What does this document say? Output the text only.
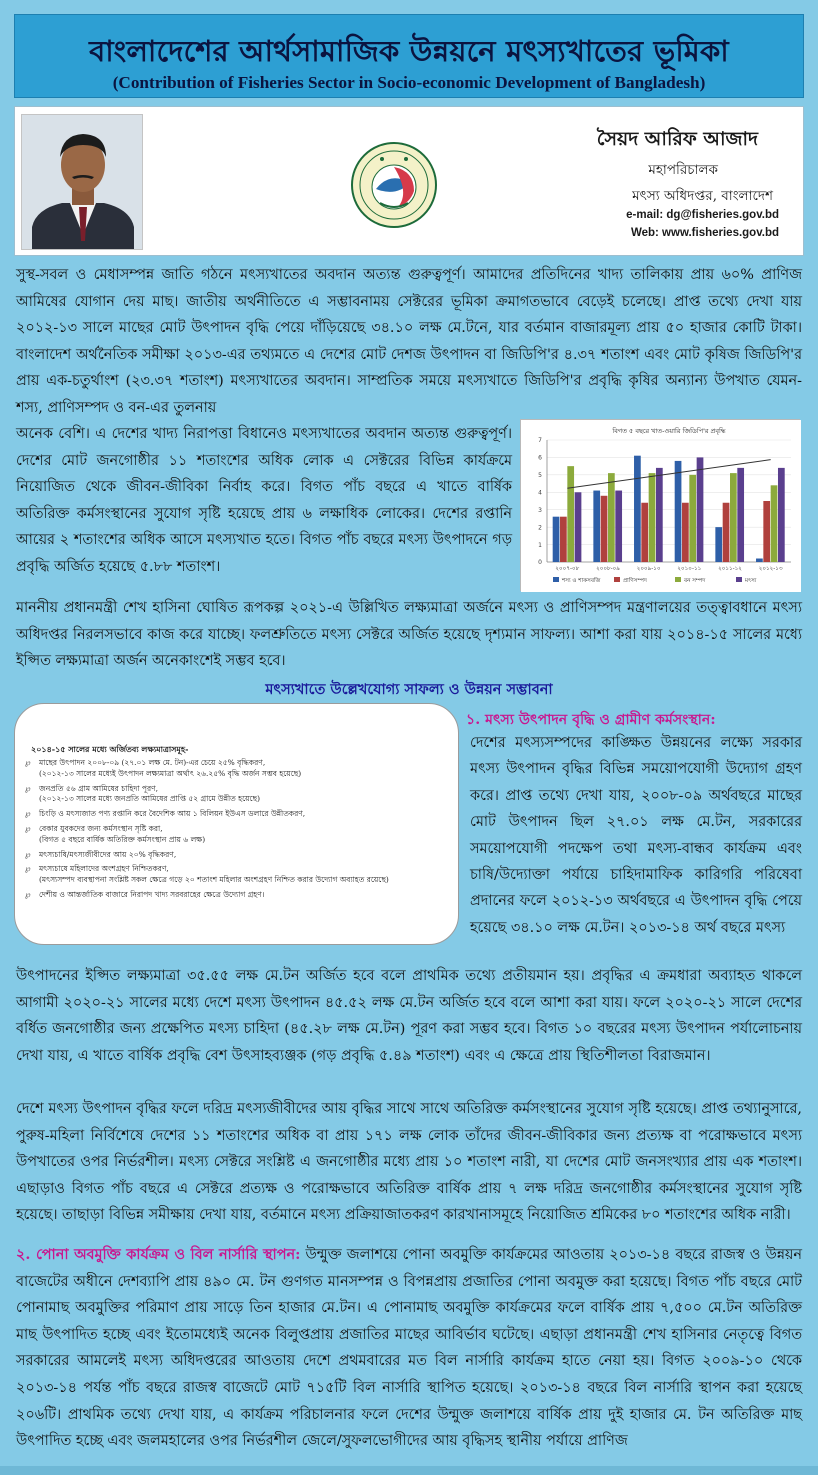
বাংলাদেশের আর্থসামাজিক উন্নয়নে মৎস্যখাতের ভূমিকা
(Contribution of Fisheries Sector in Socio-economic Development of Bangladesh)
সৈয়দ আরিফ আজাদ
মহাপরিচালক
মৎস্য অধিদপ্তর, বাংলাদেশ
e-mail: dg@fisheries.gov.bd
Web: www.fisheries.gov.bd
সুস্থ-সবল ও মেধাসম্পন্ন জাতি গঠনে মৎস্যখাতের অবদান অত্যন্ত গুরুত্বপূর্ণ। আমাদের প্রতিদিনের খাদ্য তালিকায় প্রায় ৬০% প্রাণিজ আমিষের যোগান দেয় মাছ। জাতীয় অর্থনীতিতে এ সম্ভাবনাময় সেক্টরের ভূমিকা ক্রমাগতভাবে বেড়েই চলেছে। প্রাপ্ত তথ্যে দেখা যায় ২০১২-১৩ সালে মাছের মোট উৎপাদন বৃদ্ধি পেয়ে দাঁড়িয়েছে ৩৪.১০ লক্ষ মে.টনে, যার বর্তমান বাজারমূল্য প্রায় ৫০ হাজার কোটি টাকা। বাংলাদেশ অর্থনৈতিক সমীক্ষা ২০১৩-এর তথ্যমতে এ দেশের মোট দেশজ উৎপাদন বা জিডিপি'র ৪.৩৭ শতাংশ এবং মোট কৃষিজ জিডিপি'র প্রায় এক-চতুর্থাংশ (২৩.৩৭ শতাংশ) মৎস্যখাতের অবদান। সাম্প্রতিক সময়ে মৎস্যখাতে জিডিপি'র প্রবৃদ্ধি কৃষির অন্যান্য উপখাত যেমন- শস্য, প্রাণিসম্পদ ও বন-এর তুলনায়
অনেক বেশি। এ দেশের খাদ্য নিরাপত্তা বিধানেও মৎস্যখাতের অবদান অত্যন্ত গুরুত্বপূর্ণ। দেশের মোট জনগোষ্ঠীর ১১ শতাংশের অধিক লোক এ সেক্টরের বিভিন্ন কার্যক্রমে নিয়োজিত থেকে জীবন-জীবিকা নির্বাহ করে। বিগত পাঁচ বছরে এ খাতে বার্ষিক অতিরিক্ত কর্মসংস্থানের সুযোগ সৃষ্টি হয়েছে প্রায় ৬ লক্ষাধিক লোকের। দেশের রপ্তানি আয়ের ২ শতাংশের অধিক আসে মৎস্যখাত হতে। বিগত পাঁচ বছরে মৎস্য উৎপাদনে গড় প্রবৃদ্ধি অর্জিত হয়েছে ৫.৮৮ শতাংশ।
বিগত ৫ বছরে খাত-ওয়ারি জিডিপি'র প্রবৃদ্ধি
0
1
2
3
4
5
6
7
২০০৭-০৮	২০০৮-০৯	২০০৯-১০	২০১০-১১	২০১১-১২	২০১২-১৩
শস্য ও শাকসবজি	প্রাণিসম্পদ	বন সম্পদ	মৎস্য
মাননীয় প্রধানমন্ত্রী শেখ হাসিনা ঘোষিত রূপকল্প ২০২১-এ উল্লিখিত লক্ষ্যমাত্রা অর্জনে মৎস্য ও প্রাণিসম্পদ মন্ত্রণালয়ের তত্ত্বাবধানে মৎস্য অধিদপ্তর নিরলসভাবে কাজ করে যাচ্ছে। ফলশ্রুতিতে মৎস্য সেক্টরে অর্জিত হয়েছে দৃশ্যমান সাফল্য। আশা করা যায় ২০১৪-১৫ সালের মধ্যে ইপ্সিত লক্ষ্যমাত্রা অর্জন অনেকাংশেই সম্ভব হবে।
মৎস্যখাতে উল্লেখযোগ্য সাফল্য ও উন্নয়ন সম্ভাবনা
২০১৪-১৫ সালের মধ্যে অর্জিতব্য লক্ষ্যমাত্রাসমূহ-
℘	মাছের উৎপাদন ২০০৮-০৯ (২৭.০১ লক্ষ মে. টন)-এর চেয়ে ২৫% বৃদ্ধিকরণ,
(২০১২-১৩ সালের মধ্যেই উৎপাদন লক্ষ্যমাত্রা অর্থাৎ ২৬.২৫% বৃদ্ধি অর্জন সম্ভব হয়েছে)
℘	জনপ্রতি ৫৬ গ্রাম আমিষের চাহিদা পূরণ,
(২০১২-১৩ সালের মধ্যে জনপ্রতি আমিষের প্রাপ্তি ৫২ গ্রামে উন্নীত হয়েছে)
℘	চিংড়ি ও মৎস্যজাত পণ্য রপ্তানি করে বৈদেশিক আয় ১ বিলিয়ন ইউএস ডলারে উন্নীতকরণ,
℘	বেকার যুবকদের জন্য কর্মসংস্থান সৃষ্টি করা,
(বিগত ৫ বছরে বার্ষিক অতিরিক্ত কর্মসংস্থান প্রায় ৬ লক্ষ)
℘	মৎস্যচাষি/মৎস্যজীবীদের আয় ২০% বৃদ্ধিকরণ,
℘	মৎস্যচাষে মহিলাদের অংশগ্রহণ নিশ্চিতকরণ,
(মৎস্যসম্পদ ব্যবস্থাপনা সংশ্লিষ্ট সকল ক্ষেত্রে গড়ে ২০ শতাংশ মহিলার অংশগ্রহণ নিশ্চিত করার উদ্যোগ অব্যাহত রয়েছে)
℘	দেশীয় ও আন্তর্জাতিক বাজারে নিরাপদ খাদ্য সরবরাহের ক্ষেত্রে উদ্যোগ গ্রহণ।
১. মৎস্য উৎপাদন বৃদ্ধি ও গ্রামীণ কর্মসংস্থান:
দেশের মৎস্যসম্পদের কাঙ্ক্ষিত উন্নয়নের লক্ষ্যে সরকার মৎস্য উৎপাদন বৃদ্ধির বিভিন্ন সময়োপযোগী উদ্যোগ গ্রহণ করে। প্রাপ্ত তথ্যে দেখা যায়, ২০০৮-০৯ অর্থবছরে মাছের মোট উৎপাদন ছিল ২৭.০১ লক্ষ মে.টন, সরকারের সময়োপযোগী পদক্ষেপ তথা মৎস্য-বান্ধব কার্যক্রম এবং চাষি/উদ্যোক্তা পর্যায়ে চাহিদামাফিক কারিগরি পরিষেবা প্রদানের ফলে ২০১২-১৩ অর্থবছরে এ উৎপাদন বৃদ্ধি পেয়ে হয়েছে ৩৪.১০ লক্ষ মে.টন। ২০১৩-১৪ অর্থ বছরে মৎস্য
উৎপাদনের ইপ্সিত লক্ষ্যমাত্রা ৩৫.৫৫ লক্ষ মে.টন অর্জিত হবে বলে প্রাথমিক তথ্যে প্রতীয়মান হয়। প্রবৃদ্ধির এ ক্রমধারা অব্যাহত থাকলে আগামী ২০২০-২১ সালের মধ্যে দেশে মৎস্য উৎপাদন ৪৫.৫২ লক্ষ মে.টন অর্জিত হবে বলে আশা করা যায়। ফলে ২০২০-২১ সালে দেশের বর্ধিত জনগোষ্ঠীর জন্য প্রক্ষেপিত মৎস্য চাহিদা (৪৫.২৮ লক্ষ মে.টন) পূরণ করা সম্ভব হবে। বিগত ১০ বছরের মৎস্য উৎপাদন পর্যালোচনায় দেখা যায়, এ খাতে বার্ষিক প্রবৃদ্ধি বেশ উৎসাহব্যঞ্জক (গড় প্রবৃদ্ধি ৫.৪৯ শতাংশ) এবং এ ক্ষেত্রে প্রায় স্থিতিশীলতা বিরাজমান।
দেশে মৎস্য উৎপাদন বৃদ্ধির ফলে দরিদ্র মৎস্যজীবীদের আয় বৃদ্ধির সাথে সাথে অতিরিক্ত কর্মসংস্থানের সুযোগ সৃষ্টি হয়েছে। প্রাপ্ত তথ্যানুসারে, পুরুষ-মহিলা নির্বিশেষে দেশের ১১ শতাংশের অধিক বা প্রায় ১৭১ লক্ষ লোক তাঁদের জীবন-জীবিকার জন্য প্রত্যক্ষ বা পরোক্ষভাবে মৎস্য উপখাতের ওপর নির্ভরশীল। মৎস্য সেক্টরে সংশ্লিষ্ট এ জনগোষ্ঠীর মধ্যে প্রায় ১০ শতাংশ নারী, যা দেশের মোট জনসংখ্যার প্রায় এক শতাংশ। এছাড়াও বিগত পাঁচ বছরে এ সেক্টরে প্রত্যক্ষ ও পরোক্ষভাবে অতিরিক্ত বার্ষিক প্রায় ৭ লক্ষ দরিদ্র জনগোষ্ঠীর কর্মসংস্থানের সুযোগ সৃষ্টি হয়েছে। তাছাড়া বিভিন্ন সমীক্ষায় দেখা যায়, বর্তমানে মৎস্য প্রক্রিয়াজাতকরণ কারখানাসমূহে নিয়োজিত শ্রমিকের ৮০ শতাংশের অধিক নারী।
২. পোনা অবমুক্তি কার্যক্রম ও বিল নার্সারি স্থাপন: উন্মুক্ত জলাশয়ে পোনা অবমুক্তি কার্যক্রমের আওতায় ২০১৩-১৪ বছরে রাজস্ব ও উন্নয়ন বাজেটের অধীনে দেশব্যাপি প্রায় ৪৯০ মে. টন গুণগত মানসম্পন্ন ও বিপন্নপ্রায় প্রজাতির পোনা অবমুক্ত করা হয়েছে। বিগত পাঁচ বছরে মোট পোনামাছ অবমুক্তির পরিমাণ প্রায় সাড়ে তিন হাজার মে.টন। এ পোনামাছ অবমুক্তি কার্যক্রমের ফলে বার্ষিক প্রায় ৭,৫০০ মে.টন অতিরিক্ত মাছ উৎপাদিত হচ্ছে এবং ইতোমধ্যেই অনেক বিলুপ্তপ্রায় প্রজাতির মাছের আবির্ভাব ঘটেছে। এছাড়া প্রধানমন্ত্রী শেখ হাসিনার নেতৃত্বে বিগত সরকারের আমলেই মৎস্য অধিদপ্তরের আওতায় দেশে প্রথমবারের মত বিল নার্সারি কার্যক্রম হাতে নেয়া হয়। বিগত ২০০৯-১০ থেকে ২০১৩-১৪ পর্যন্ত পাঁচ বছরে রাজস্ব বাজেটে মোট ৭১৫টি বিল নার্সারি স্থাপিত হয়েছে। ২০১৩-১৪ বছরে বিল নার্সারি স্থাপন করা হয়েছে ২০৬টি। প্রাথমিক তথ্যে দেখা যায়, এ কার্যক্রম পরিচালনার ফলে দেশের উন্মুক্ত জলাশয়ে বার্ষিক প্রায় দুই হাজার মে. টন অতিরিক্ত মাছ উৎপাদিত হচ্ছে এবং জলমহালের ওপর নির্ভরশীল জেলে/সুফলভোগীদের আয় বৃদ্ধিসহ স্থানীয় পর্যায়ে প্রাণিজ
